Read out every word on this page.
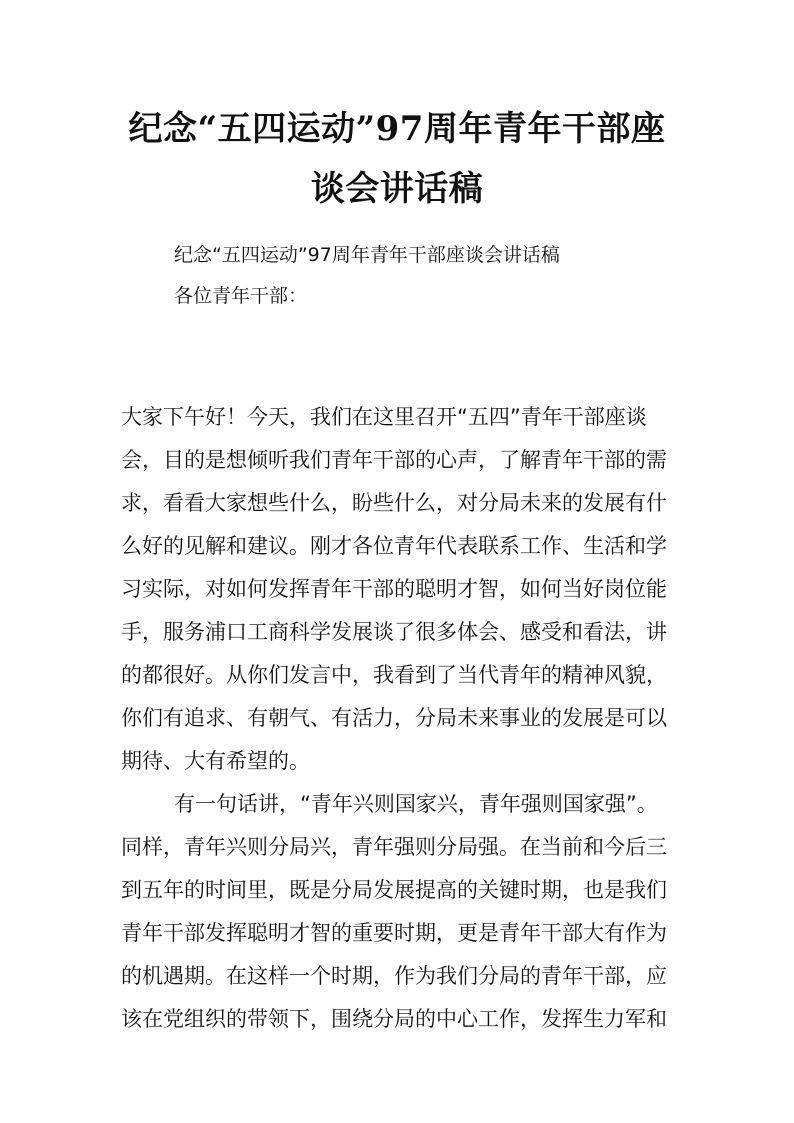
纪念“五四运动”97周年青年干部座
谈会讲话稿
纪念“五四运动”97周年青年干部座谈会讲话稿
各位青年干部：
大家下午好！今天，我们在这里召开“五四”青年干部座谈
会，目的是想倾听我们青年干部的心声，了解青年干部的需
求，看看大家想些什么，盼些什么，对分局未来的发展有什
么好的见解和建议。刚才各位青年代表联系工作、生活和学
习实际，对如何发挥青年干部的聪明才智，如何当好岗位能
手，服务浦口工商科学发展谈了很多体会、感受和看法，讲
的都很好。从你们发言中，我看到了当代青年的精神风貌，
你们有追求、有朝气、有活力，分局未来事业的发展是可以
期待、大有希望的。
有一句话讲，“青年兴则国家兴，青年强则国家强”。
同样，青年兴则分局兴，青年强则分局强。在当前和今后三
到五年的时间里，既是分局发展提高的关键时期，也是我们
青年干部发挥聪明才智的重要时期，更是青年干部大有作为
的机遇期。在这样一个时期，作为我们分局的青年干部，应
该在党组织的带领下，围绕分局的中心工作，发挥生力军和
